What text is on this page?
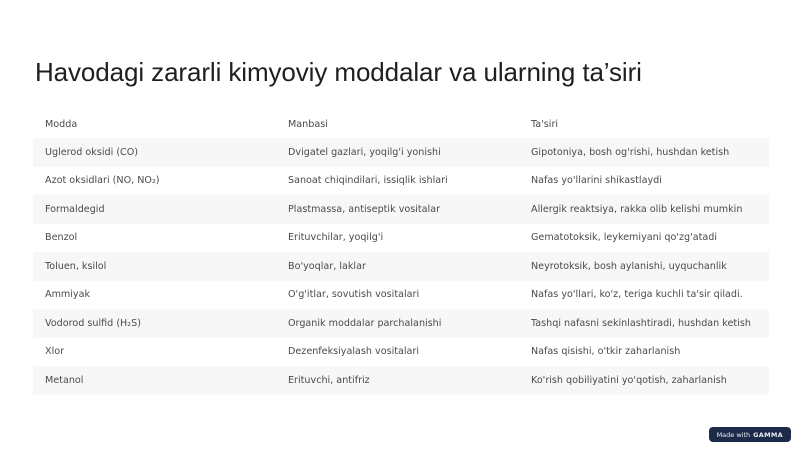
Havodagi zararli kimyoviy moddalar va ularning ta’siri
Modda	Manbasi	Ta'siri
Uglerod oksidi (CO)	Dvigatel gazlari, yoqilg'i yonishi	Gipotoniya, bosh og'rishi, hushdan ketish
Azot oksidlari (NO, NO₂)	Sanoat chiqindilari, issiqlik ishlari	Nafas yo'llarini shikastlaydi
Formaldegid	Plastmassa, antiseptik vositalar	Allergik reaktsiya, rakka olib kelishi mumkin
Benzol	Erituvchilar, yoqilg'i	Gematotoksik, leykemiyani qo'zg'atadi
Toluen, ksilol	Bo'yoqlar, laklar	Neyrotoksik, bosh aylanishi, uyquchanlik
Ammiyak	O'g'itlar, sovutish vositalari	Nafas yo'llari, ko'z, teriga kuchli ta'sir qiladi.
Vodorod sulfid (H₂S)	Organik moddalar parchalanishi	Tashqi nafasni sekinlashtiradi, hushdan ketish
Xlor	Dezenfeksiyalash vositalari	Nafas qisishi, o'tkir zaharlanish
Metanol	Erituvchi, antifriz	Ko'rish qobiliyatini yo'qotish, zaharlanish
Made with GAMMA
